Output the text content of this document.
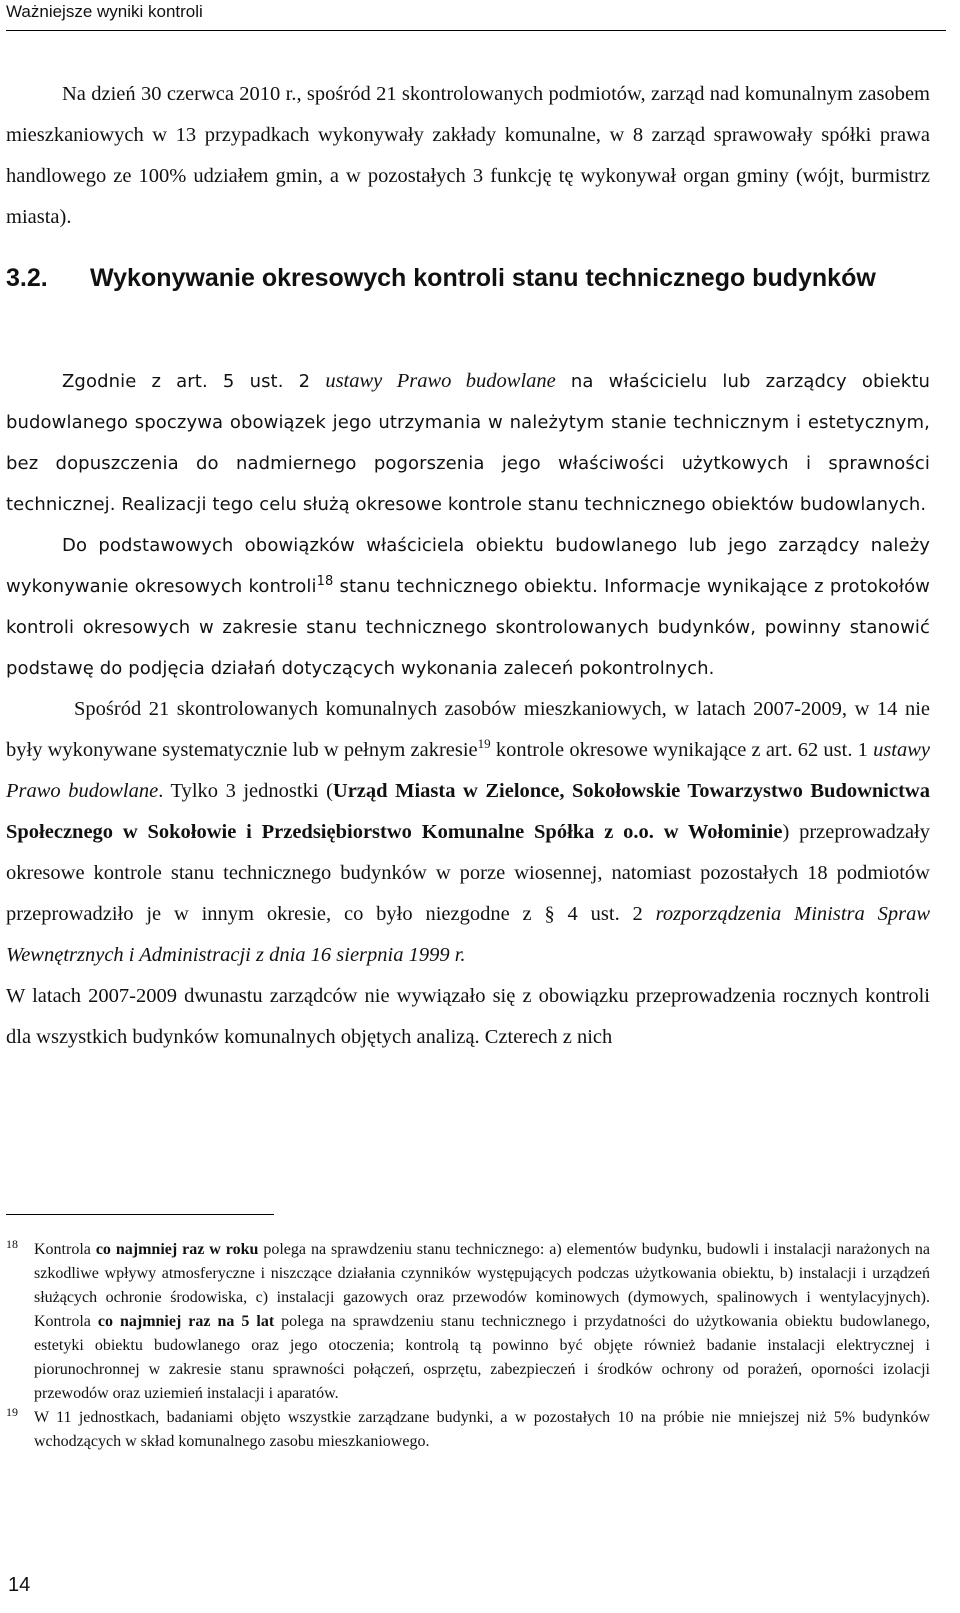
Ważniejsze wyniki kontroli

Na dzień 30 czerwca 2010 r., spośród 21 skontrolowanych podmiotów, zarząd nad komunalnym zasobem mieszkaniowych w 13 przypadkach wykonywały zakłady komunalne, w 8 zarząd sprawowały spółki prawa handlowego ze 100% udziałem gmin, a w pozostałych 3 funkcję tę wykonywał organ gminy (wójt, burmistrz miasta).

3.2. Wykonywanie okresowych kontroli stanu technicznego budynków

Zgodnie z art. 5 ust. 2 ustawy Prawo budowlane na właścicielu lub zarządcy obiektu budowlanego spoczywa obowiązek jego utrzymania w należytym stanie technicznym i estetycznym, bez dopuszczenia do nadmiernego pogorszenia jego właściwości użytkowych i sprawności technicznej. Realizacji tego celu służą okresowe kontrole stanu technicznego obiektów budowlanych.

Do podstawowych obowiązków właściciela obiektu budowlanego lub jego zarządcy należy wykonywanie okresowych kontroli$^{18}$ stanu technicznego obiektu. Informacje wynikające z protokołów kontroli okresowych w zakresie stanu technicznego skontrolowanych budynków, powinny stanowić podstawę do podjęcia działań dotyczących wykonania zaleceń pokontrolnych.

Spośród 21 skontrolowanych komunalnych zasobów mieszkaniowych, w latach 2007-2009, w 14 nie były wykonywane systematycznie lub w pełnym zakresie$^{19}$ kontrole okresowe wynikające z art. 62 ust. 1 ustawy Prawo budowlane. Tylko 3 jednostki (Urząd Miasta w Zielonce, Sokołowskie Towarzystwo Budownictwa Społecznego w Sokołowie i Przedsiębiorstwo Komunalne Spółka z o.o. w Wołominie) przeprowadzały okresowe kontrole stanu technicznego budynków w porze wiosennej, natomiast pozostałych 18 podmiotów przeprowadziło je w innym okresie, co było niezgodne z § 4 ust. 2 rozporządzenia Ministra Spraw Wewnętrznych i Administracji z dnia 16 sierpnia 1999 r.

W latach 2007-2009 dwunastu zarządców nie wywiązało się z obowiązku przeprowadzenia rocznych kontroli dla wszystkich budynków komunalnych objętych analizą. Czterech z nich

18 Kontrola co najmniej raz w roku polega na sprawdzeniu stanu technicznego: a) elementów budynku, budowli i instalacji narażonych na szkodliwe wpływy atmosferyczne i niszczące działania czynników występujących podczas użytkowania obiektu, b) instalacji i urządzeń służących ochronie środowiska, c) instalacji gazowych oraz przewodów kominowych (dymowych, spalinowych i wentylacyjnych). Kontrola co najmniej raz na 5 lat polega na sprawdzeniu stanu technicznego i przydatności do użytkowania obiektu budowlanego, estetyki obiektu budowlanego oraz jego otoczenia; kontrolą tą powinno być objęte również badanie instalacji elektrycznej i piorunochronnej w zakresie stanu sprawności połączeń, osprzętu, zabezpieczeń i środków ochrony od porażeń, oporności izolacji przewodów oraz uziemień instalacji i aparatów.
19 W 11 jednostkach, badaniami objęto wszystkie zarządzane budynki, a w pozostałych 10 na próbie nie mniejszej niż 5% budynków wchodzących w skład komunalnego zasobu mieszkaniowego.
14
